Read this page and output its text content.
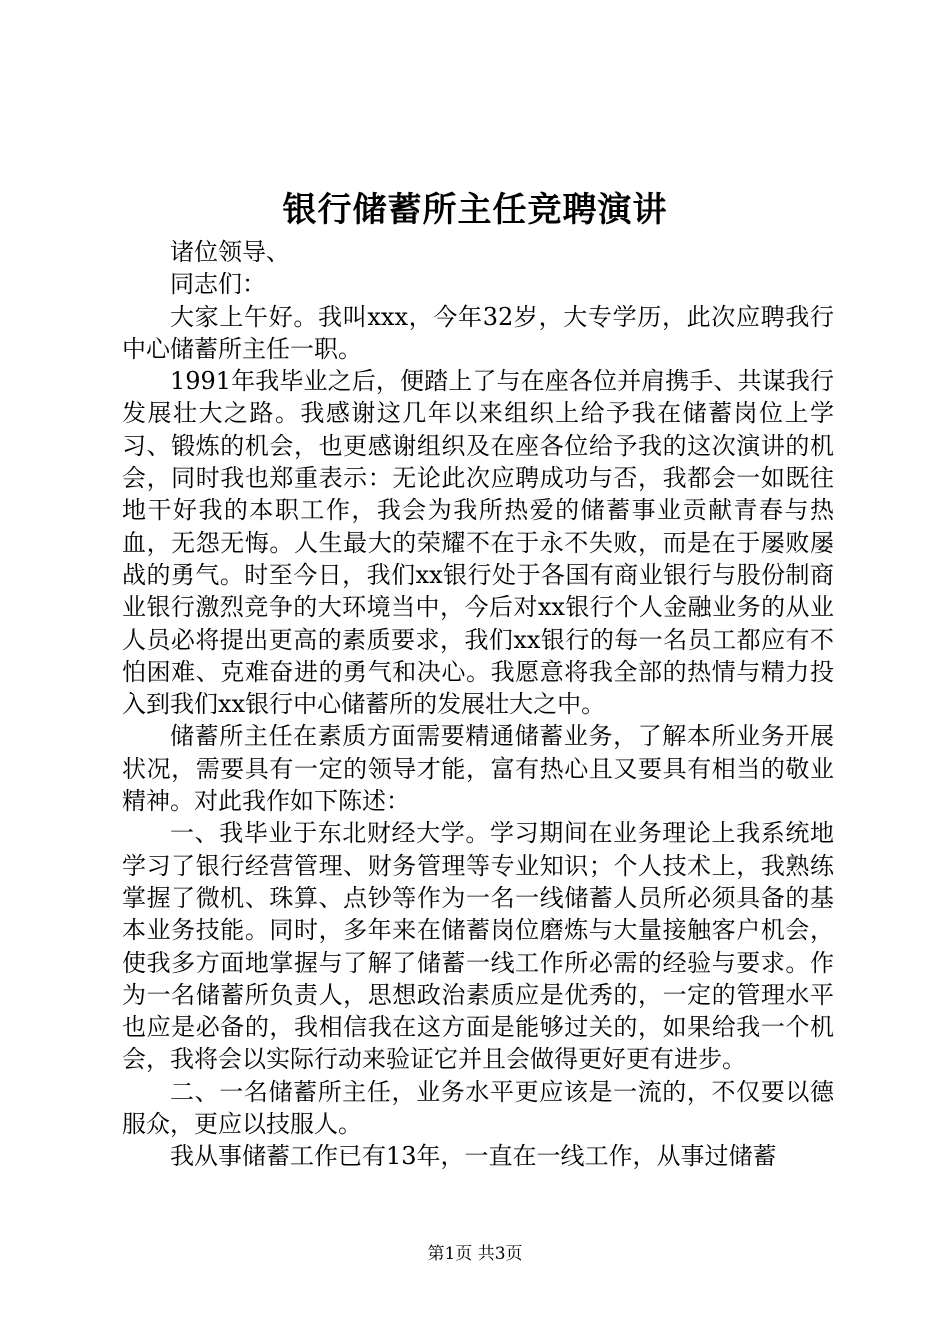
银行储蓄所主任竞聘演讲

诸位领导、

同志们：

大家上午好。我叫xxx，今年32岁，大专学历，此次应聘我行中心储蓄所主任一职。

1991年我毕业之后，便踏上了与在座各位并肩携手、共谋我行发展壮大之路。我感谢这几年以来组织上给予我在储蓄岗位上学习、锻炼的机会，也更感谢组织及在座各位给予我的这次演讲的机会，同时我也郑重表示：无论此次应聘成功与否，我都会一如既往地干好我的本职工作，我会为我所热爱的储蓄事业贡献青春与热血，无怨无悔。人生最大的荣耀不在于永不失败，而是在于屡败屡战的勇气。时至今日，我们xx银行处于各国有商业银行与股份制商业银行激烈竞争的大环境当中，今后对xx银行个人金融业务的从业人员必将提出更高的素质要求，我们xx银行的每一名员工都应有不怕困难、克难奋进的勇气和决心。我愿意将我全部的热情与精力投入到我们xx银行中心储蓄所的发展壮大之中。

储蓄所主任在素质方面需要精通储蓄业务，了解本所业务开展状况，需要具有一定的领导才能，富有热心且又要具有相当的敬业精神。对此我作如下陈述：

一、我毕业于东北财经大学。学习期间在业务理论上我系统地学习了银行经营管理、财务管理等专业知识；个人技术上，我熟练掌握了微机、珠算、点钞等作为一名一线储蓄人员所必须具备的基本业务技能。同时，多年来在储蓄岗位磨炼与大量接触客户机会，使我多方面地掌握与了解了储蓄一线工作所必需的经验与要求。作为一名储蓄所负责人，思想政治素质应是优秀的，一定的管理水平也应是必备的，我相信我在这方面是能够过关的，如果给我一个机会，我将会以实际行动来验证它并且会做得更好更有进步。

二、一名储蓄所主任，业务水平更应该是一流的，不仅要以德服众，更应以技服人。

我从事储蓄工作已有13年，一直在一线工作，从事过储蓄

第1页 共3页
